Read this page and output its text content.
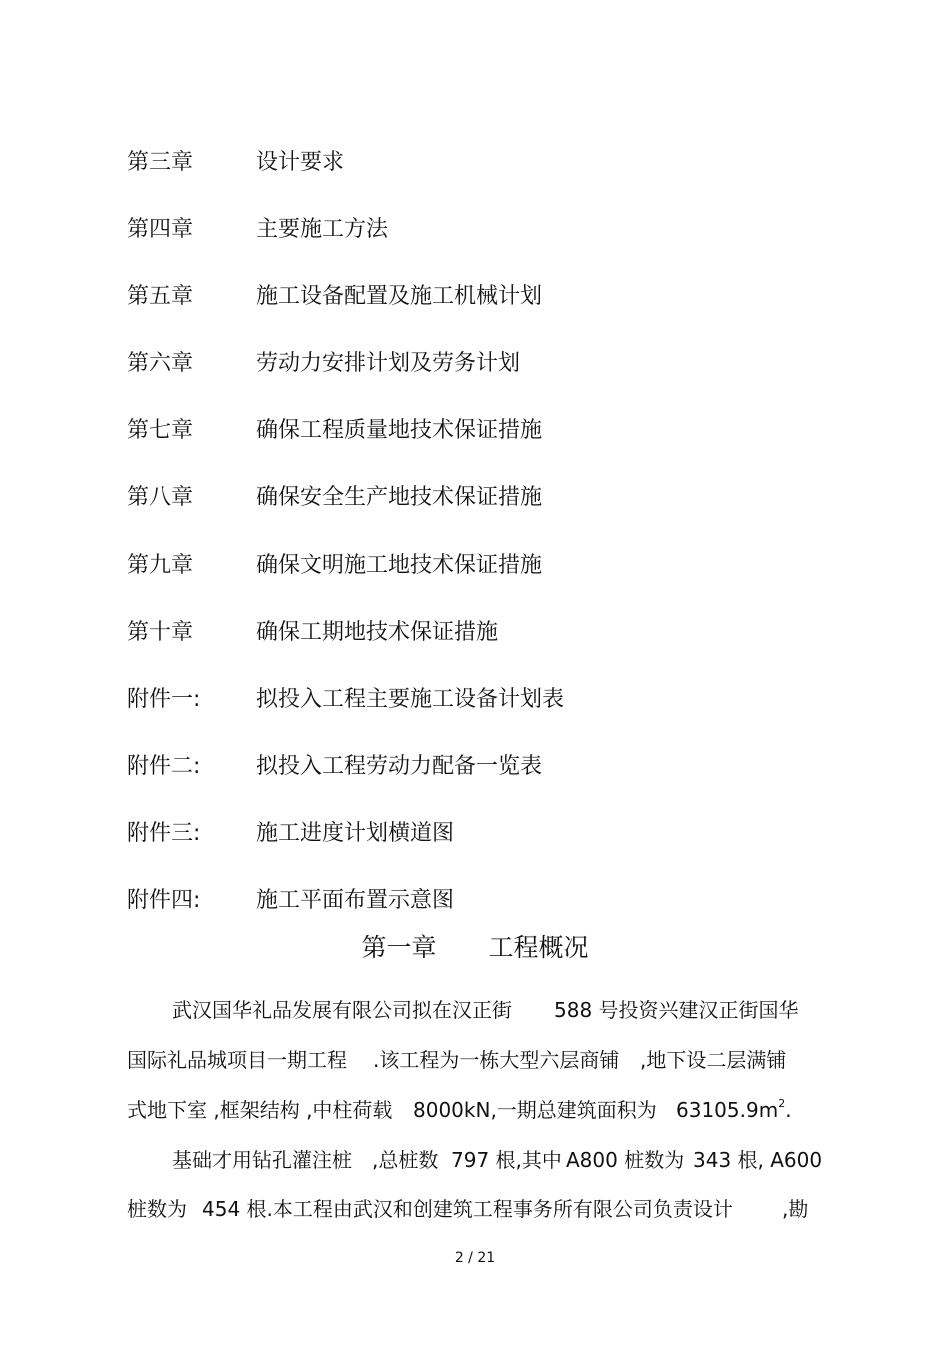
第三章	设计要求
第四章	主要施工方法
第五章	施工设备配置及施工机械计划
第六章	劳动力安排计划及劳务计划
第七章	确保工程质量地技术保证措施
第八章	确保安全生产地技术保证措施
第九章	确保文明施工地技术保证措施
第十章	确保工期地技术保证措施
附件一:	拟投入工程主要施工设备计划表
附件二:	拟投入工程劳动力配备一览表
附件三:	施工进度计划横道图
附件四:	施工平面布置示意图
第一章 工程概况
武汉国华礼品发展有限公司拟在汉正街 588 号投资兴建汉正街国华
国际礼品城项目一期工程 .该工程为一栋大型六层商铺 ,地下设二层满铺
式地下室 ,框架结构 ,中柱荷载 8000kN,一期总建筑面积为 $63105.9m^2$.
基础才用钻孔灌注桩 ,总桩数 797 根,其中 A800 桩数为 343 根, A600
桩数为 454 根.本工程由武汉和创建筑工程事务所有限公司负责设计 ,勘
2 / 21
